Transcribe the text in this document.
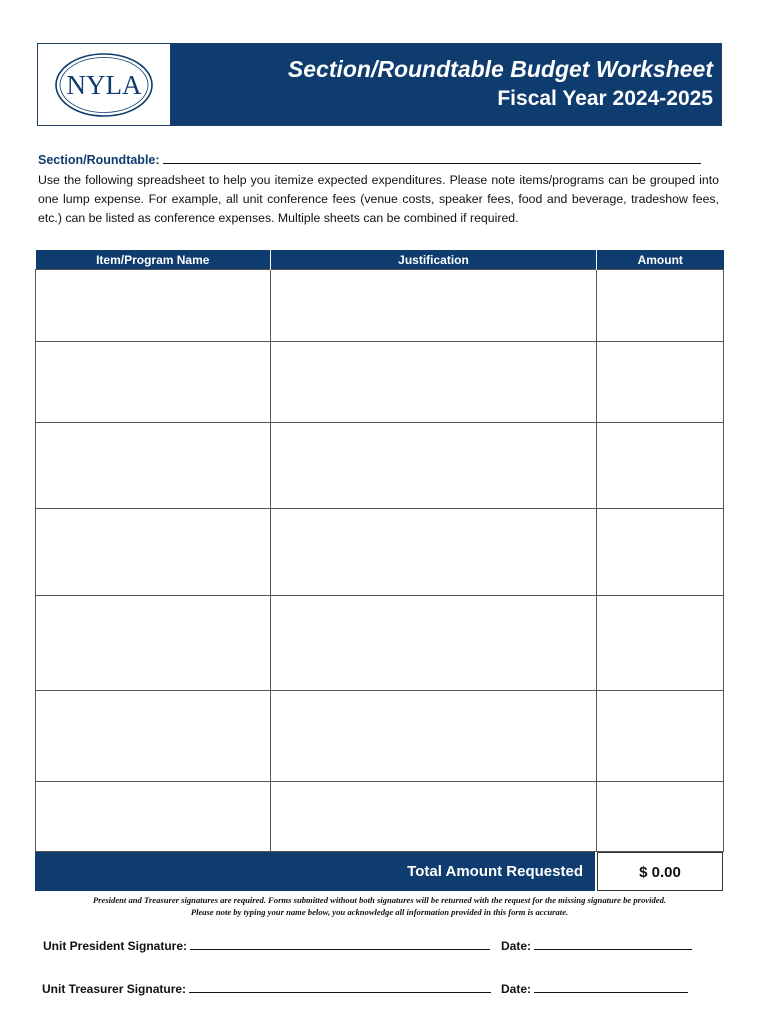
NYLA
Section/Roundtable Budget Worksheet
Fiscal Year 2024-2025
Section/Roundtable:
Use the following spreadsheet to help you itemize expected expenditures. Please note items/programs can be grouped into one lump expense. For example, all unit conference fees (venue costs, speaker fees, food and beverage, tradeshow fees, etc.) can be listed as conference expenses. Multiple sheets can be combined if required.
Item/Program Name	Justification	Amount

Total Amount Requested	$ 0.00
President and Treasurer signatures are required. Forms submitted without both signatures will be returned with the request for the missing signature be provided.
Please note by typing your name below, you acknowledge all information provided in this form is accurate.
Unit President Signature:	Date:
Unit Treasurer Signature:	Date:
